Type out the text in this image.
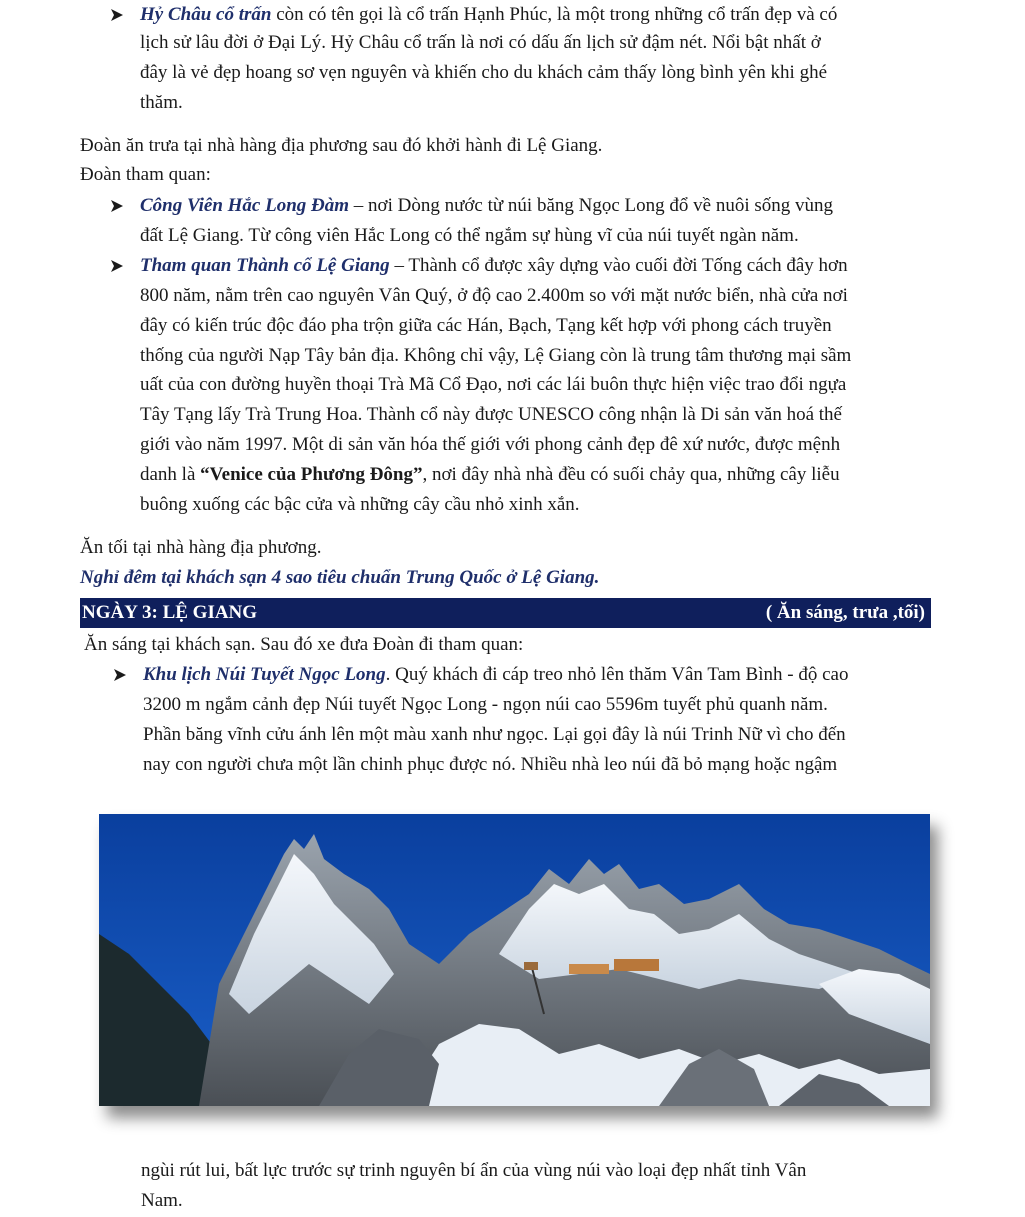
Hỷ Châu cổ trấn còn có tên gọi là cổ trấn Hạnh Phúc, là một trong những cổ trấn đẹp và có

lịch sử lâu đời ở Đại Lý. Hỷ Châu cổ trấn là nơi có dấu ấn lịch sử đậm nét. Nổi bật nhất ở

đây là vẻ đẹp hoang sơ vẹn nguyên và khiến cho du khách cảm thấy lòng bình yên khi ghé

thăm.

Đoàn ăn trưa tại nhà hàng địa phương sau đó khởi hành đi Lệ Giang.

Đoàn tham quan:

Công Viên Hắc Long Đàm – nơi Dòng nước từ núi băng Ngọc Long đổ về nuôi sống vùng

đất Lệ Giang. Từ công viên Hắc Long có thể ngắm sự hùng vĩ của núi tuyết ngàn năm.

Tham quan Thành cổ Lệ Giang – Thành cổ được xây dựng vào cuối đời Tống cách đây hơn

800 năm, nằm trên cao nguyên Vân Quý, ở độ cao 2.400m so với mặt nước biển, nhà cửa nơi

đây có kiến trúc độc đáo pha trộn giữa các Hán, Bạch, Tạng kết hợp với phong cách truyền

thống của người Nạp Tây bản địa. Không chỉ vậy, Lệ Giang còn là trung tâm thương mại sầm

uất của con đường huyền thoại Trà Mã Cổ Đạo, nơi các lái buôn thực hiện việc trao đổi ngựa

Tây Tạng lấy Trà Trung Hoa. Thành cổ này được UNESCO công nhận là Di sản văn hoá thế

giới vào năm 1997. Một di sản văn hóa thế giới với phong cảnh đẹp đê xứ nước, được mệnh

danh là “Venice của Phương Đông”, nơi đây nhà nhà đều có suối chảy qua, những cây liễu

buông xuống các bậc cửa và những cây cầu nhỏ xinh xắn.

Ăn tối tại nhà hàng địa phương.

Nghỉ đêm tại khách sạn 4 sao tiêu chuẩn Trung Quốc ở Lệ Giang.

NGÀY 3: LỆ GIANG	( Ăn sáng, trưa ,tối)

Ăn sáng tại khách sạn. Sau đó xe đưa Đoàn đi tham quan:

Khu lịch Núi Tuyết Ngọc Long. Quý khách đi cáp treo nhỏ lên thăm Vân Tam Bình - độ cao

3200 m ngắm cảnh đẹp Núi tuyết Ngọc Long - ngọn núi cao 5596m tuyết phủ quanh năm.

Phần băng vĩnh cửu ánh lên một màu xanh như ngọc. Lại gọi đây là núi Trinh Nữ vì cho đến

nay con người chưa một lần chinh phục được nó. Nhiều nhà leo núi đã bỏ mạng hoặc ngậm

ngùi rút lui, bất lực trước sự trinh nguyên bí ẩn của vùng núi vào loại đẹp nhất tỉnh Vân

Nam.
